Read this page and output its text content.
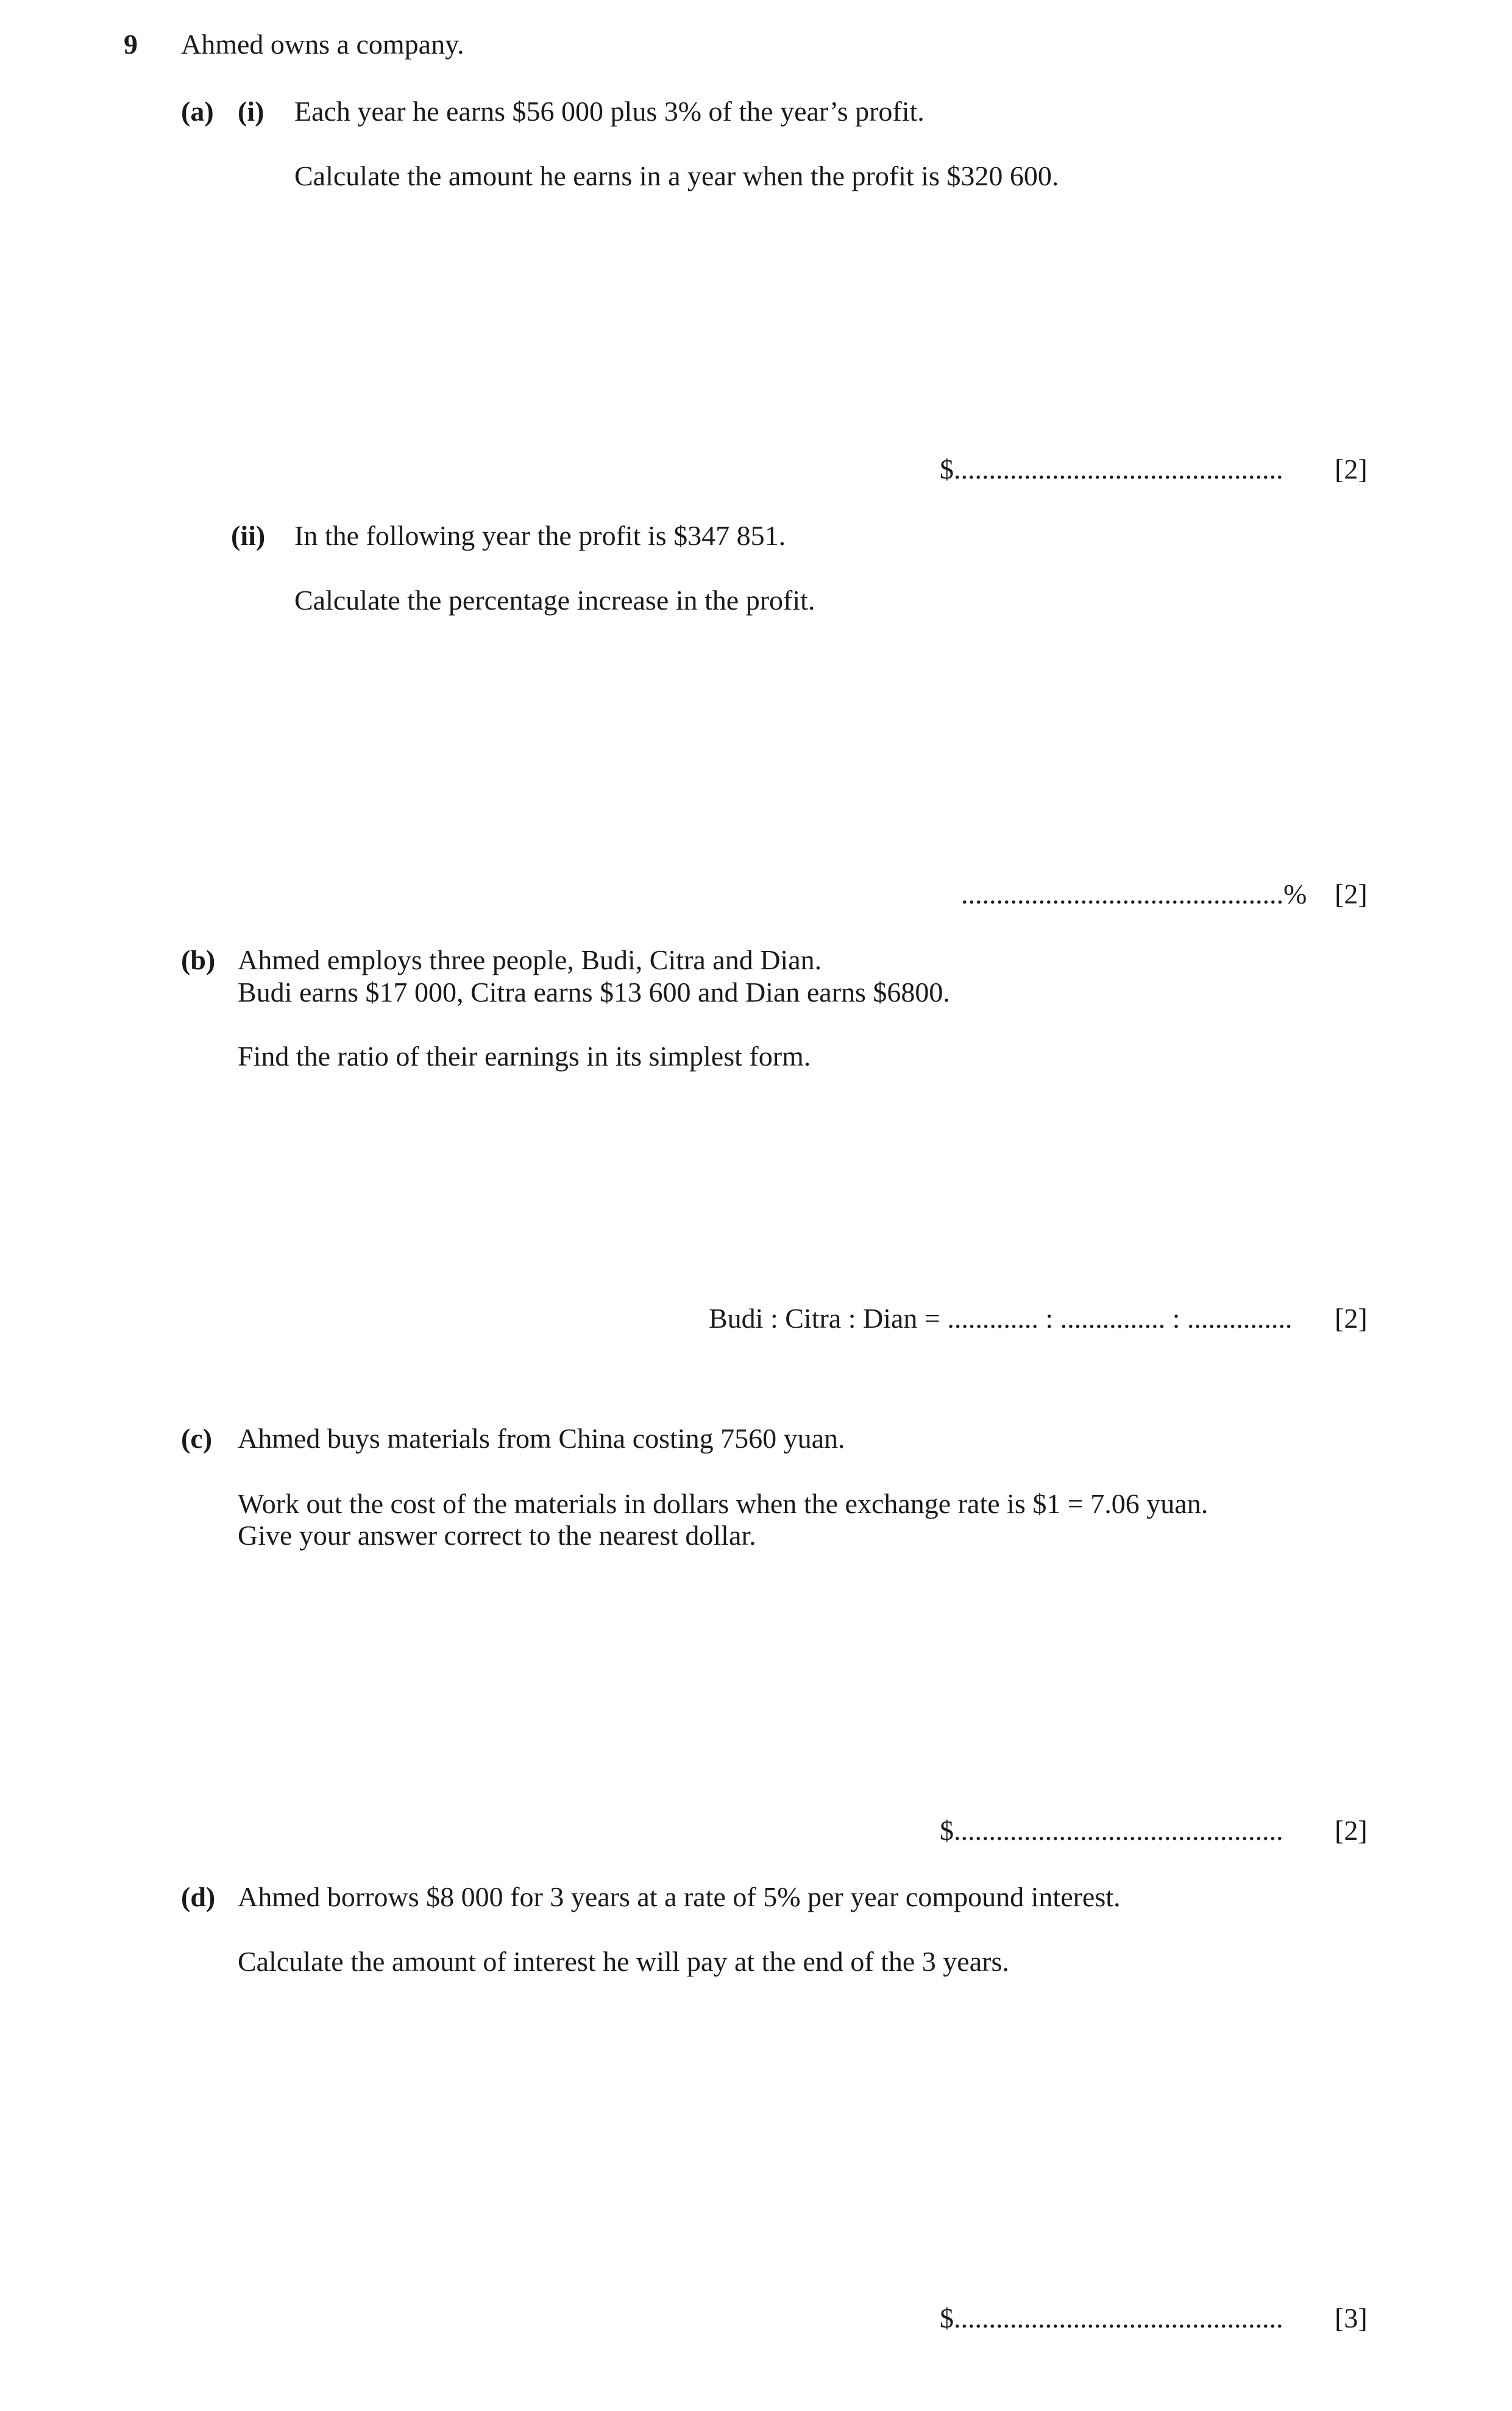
9 Ahmed owns a company.
(a) (i) Each year he earns $56 000 plus 3% of the year’s profit.
Calculate the amount he earns in a year when the profit is $320 600.
$............................................... [2]
(ii) In the following year the profit is $347 851.
Calculate the percentage increase in the profit.
..............................................% [2]
(b) Ahmed employs three people, Budi, Citra and Dian.
Budi earns $17 000, Citra earns $13 600 and Dian earns $6800.
Find the ratio of their earnings in its simplest form.
Budi : Citra : Dian = ............. : ............... : ............... [2]
(c) Ahmed buys materials from China costing 7560 yuan.
Work out the cost of the materials in dollars when the exchange rate is $1 = 7.06 yuan.
Give your answer correct to the nearest dollar.
$............................................... [2]
(d) Ahmed borrows $8 000 for 3 years at a rate of 5% per year compound interest.
Calculate the amount of interest he will pay at the end of the 3 years.
$............................................... [3]
